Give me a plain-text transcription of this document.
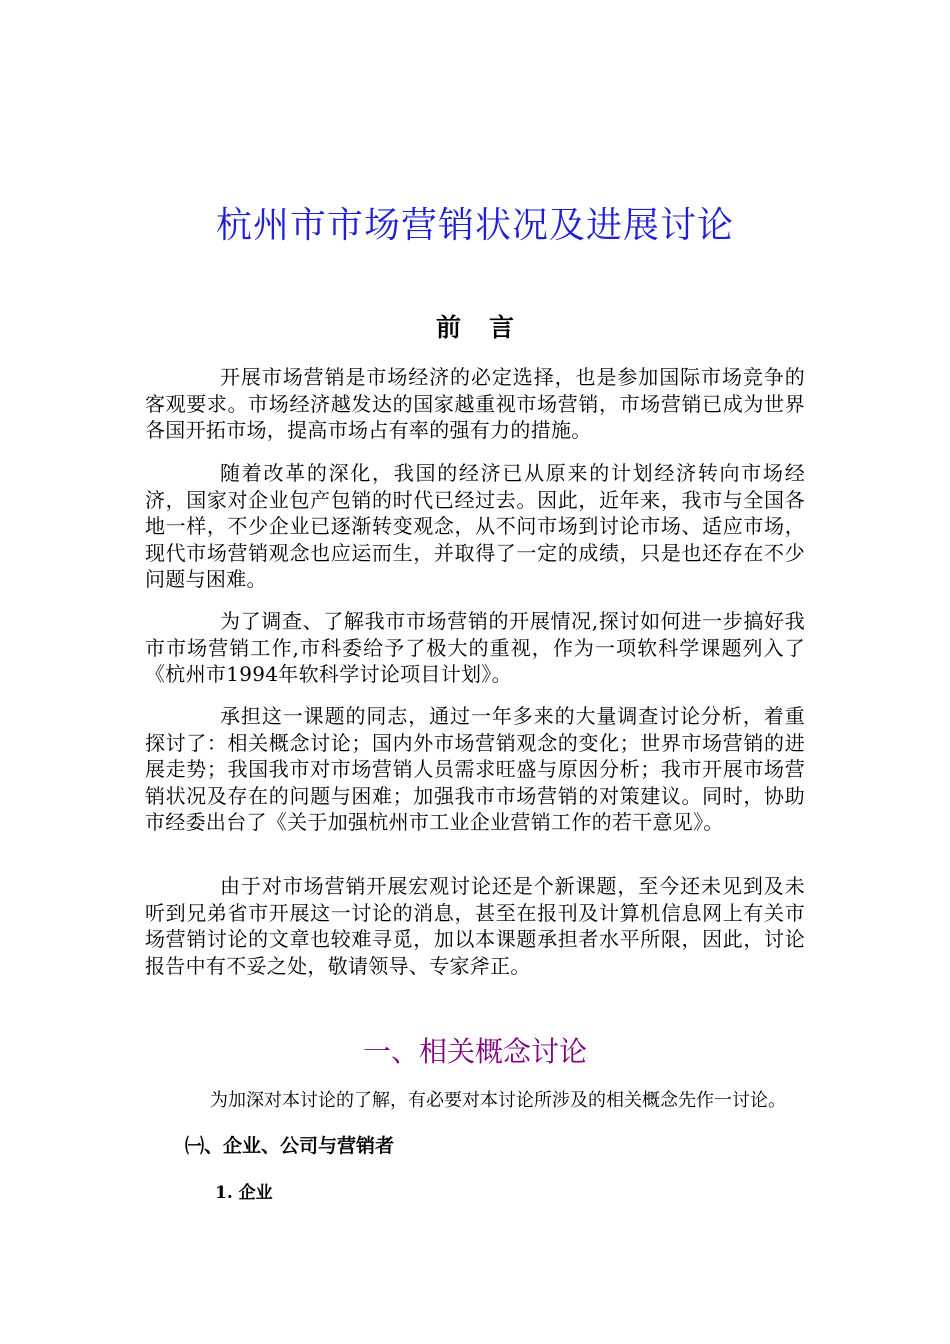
杭州市市场营销状况及进展讨论
前 言

开展市场营销是市场经济的必定选择，也是参加国际市场竞争的客观要求。市场经济越发达的国家越重视市场营销，市场营销已成为世界各国开拓市场，提高市场占有率的强有力的措施。

随着改革的深化，我国的经济已从原来的计划经济转向市场经济，国家对企业包产包销的时代已经过去。因此，近年来，我市与全国各地一样，不少企业已逐渐转变观念，从不问市场到讨论市场、适应市场，现代市场营销观念也应运而生，并取得了一定的成绩，只是也还存在不少问题与困难。

为了调查、了解我市市场营销的开展情况,探讨如何进一步搞好我市市场营销工作,市科委给予了极大的重视，作为一项软科学课题列入了《杭州市1994年软科学讨论项目计划》。

承担这一课题的同志，通过一年多来的大量调查讨论分析，着重探讨了：相关概念讨论；国内外市场营销观念的变化；世界市场营销的进展走势；我国我市对市场营销人员需求旺盛与原因分析；我市开展市场营销状况及存在的问题与困难；加强我市市场营销的对策建议。同时，协助市经委出台了《关于加强杭州市工业企业营销工作的若干意见》。

由于对市场营销开展宏观讨论还是个新课题，至今还未见到及未听到兄弟省市开展这一讨论的消息，甚至在报刊及计算机信息网上有关市场营销讨论的文章也较难寻觅，加以本课题承担者水平所限，因此，讨论报告中有不妥之处，敬请领导、专家斧正。

一、相关概念讨论

为加深对本讨论的了解，有必要对本讨论所涉及的相关概念先作一讨论。

㈠、企业、公司与营销者
1. 企业
